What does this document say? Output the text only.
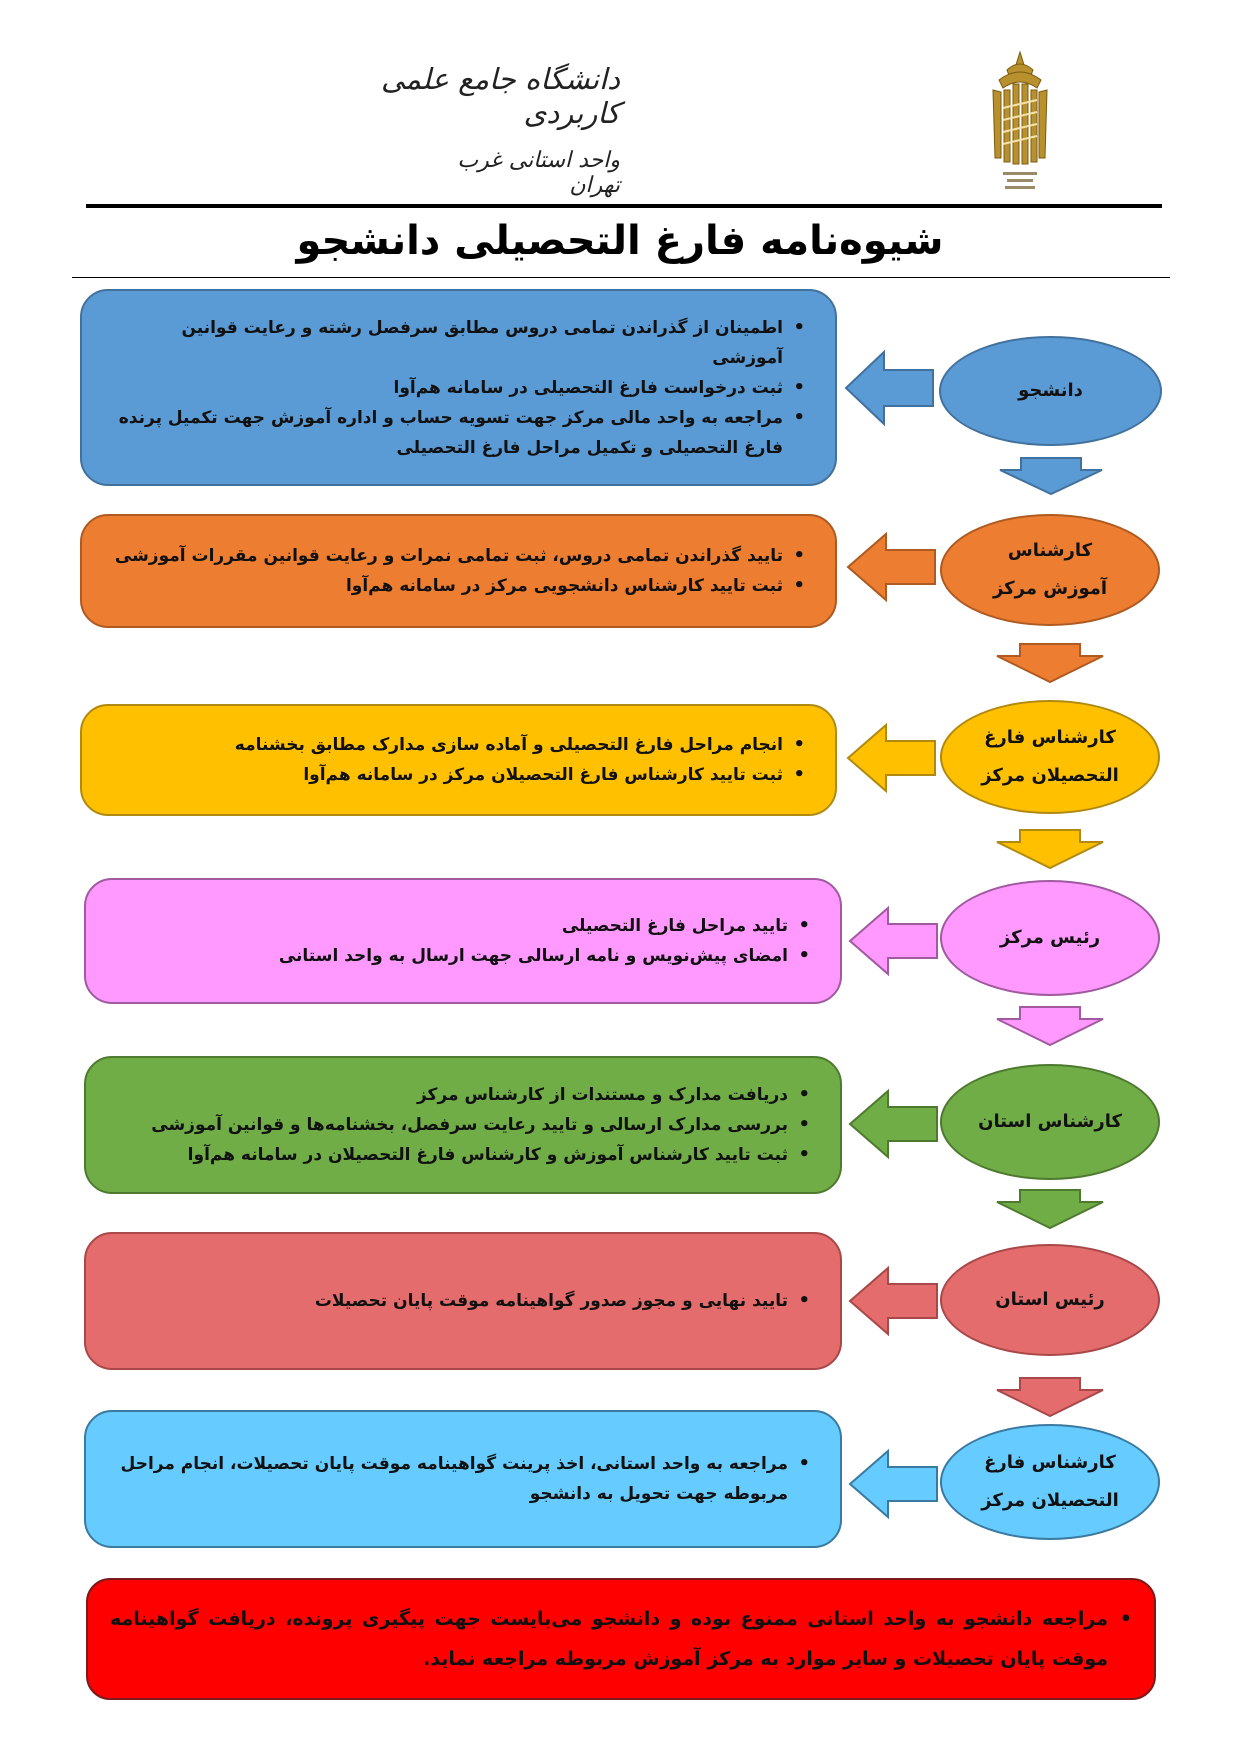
دانشگاه جامع علمی کاربردی
واحد استانی غرب تهران
شیوه‌نامه فارغ التحصیلی دانشجو
• اطمینان از گذراندن تمامی دروس مطابق سرفصل رشته و رعایت قوانین آموزشی
• ثبت درخواست فارغ التحصیلی در سامانه هم‌آوا
• مراجعه به واحد مالی مرکز جهت تسویه حساب و اداره آموزش جهت تکمیل پرنده فارغ التحصیلی و تکمیل مراحل فارغ التحصیلی
دانشجو
• تایید گذراندن تمامی دروس، ثبت تمامی نمرات و رعایت قوانین مقررات آموزشی
• ثبت تایید کارشناس دانشجویی مرکز در سامانه هم‌آوا
کارشناس
آموزش مرکز
• انجام مراحل فارغ التحصیلی و آماده سازی مدارک مطابق بخشنامه
• ثبت تایید کارشناس فارغ التحصیلان مرکز در سامانه هم‌آوا
کارشناس فارغ
التحصیلان مرکز
• تایید مراحل فارغ التحصیلی
• امضای پیش‌نویس و نامه ارسالی جهت ارسال به واحد استانی
رئیس مرکز
• دریافت مدارک و مستندات از کارشناس مرکز
• بررسی مدارک ارسالی و تایید رعایت سرفصل، بخشنامه‌ها و قوانین آموزشی
• ثبت تایید کارشناس آموزش و کارشناس فارغ التحصیلان در سامانه هم‌آوا
کارشناس استان
• تایید نهایی و مجوز صدور گواهینامه موقت پایان تحصیلات	رئیس استان
• مراجعه به واحد استانی، اخذ پرینت گواهینامه موقت پایان تحصیلات، انجام مراحل مربوطه جهت تحویل به دانشجو
کارشناس فارغ
التحصیلان مرکز
• مراجعه دانشجو به واحد استانی ممنوع بوده و دانشجو می‌بایست جهت پیگیری پرونده، دریافت گواهینامه موقت پایان تحصیلات و سایر موارد به مرکز آموزش مربوطه مراجعه نماید.
